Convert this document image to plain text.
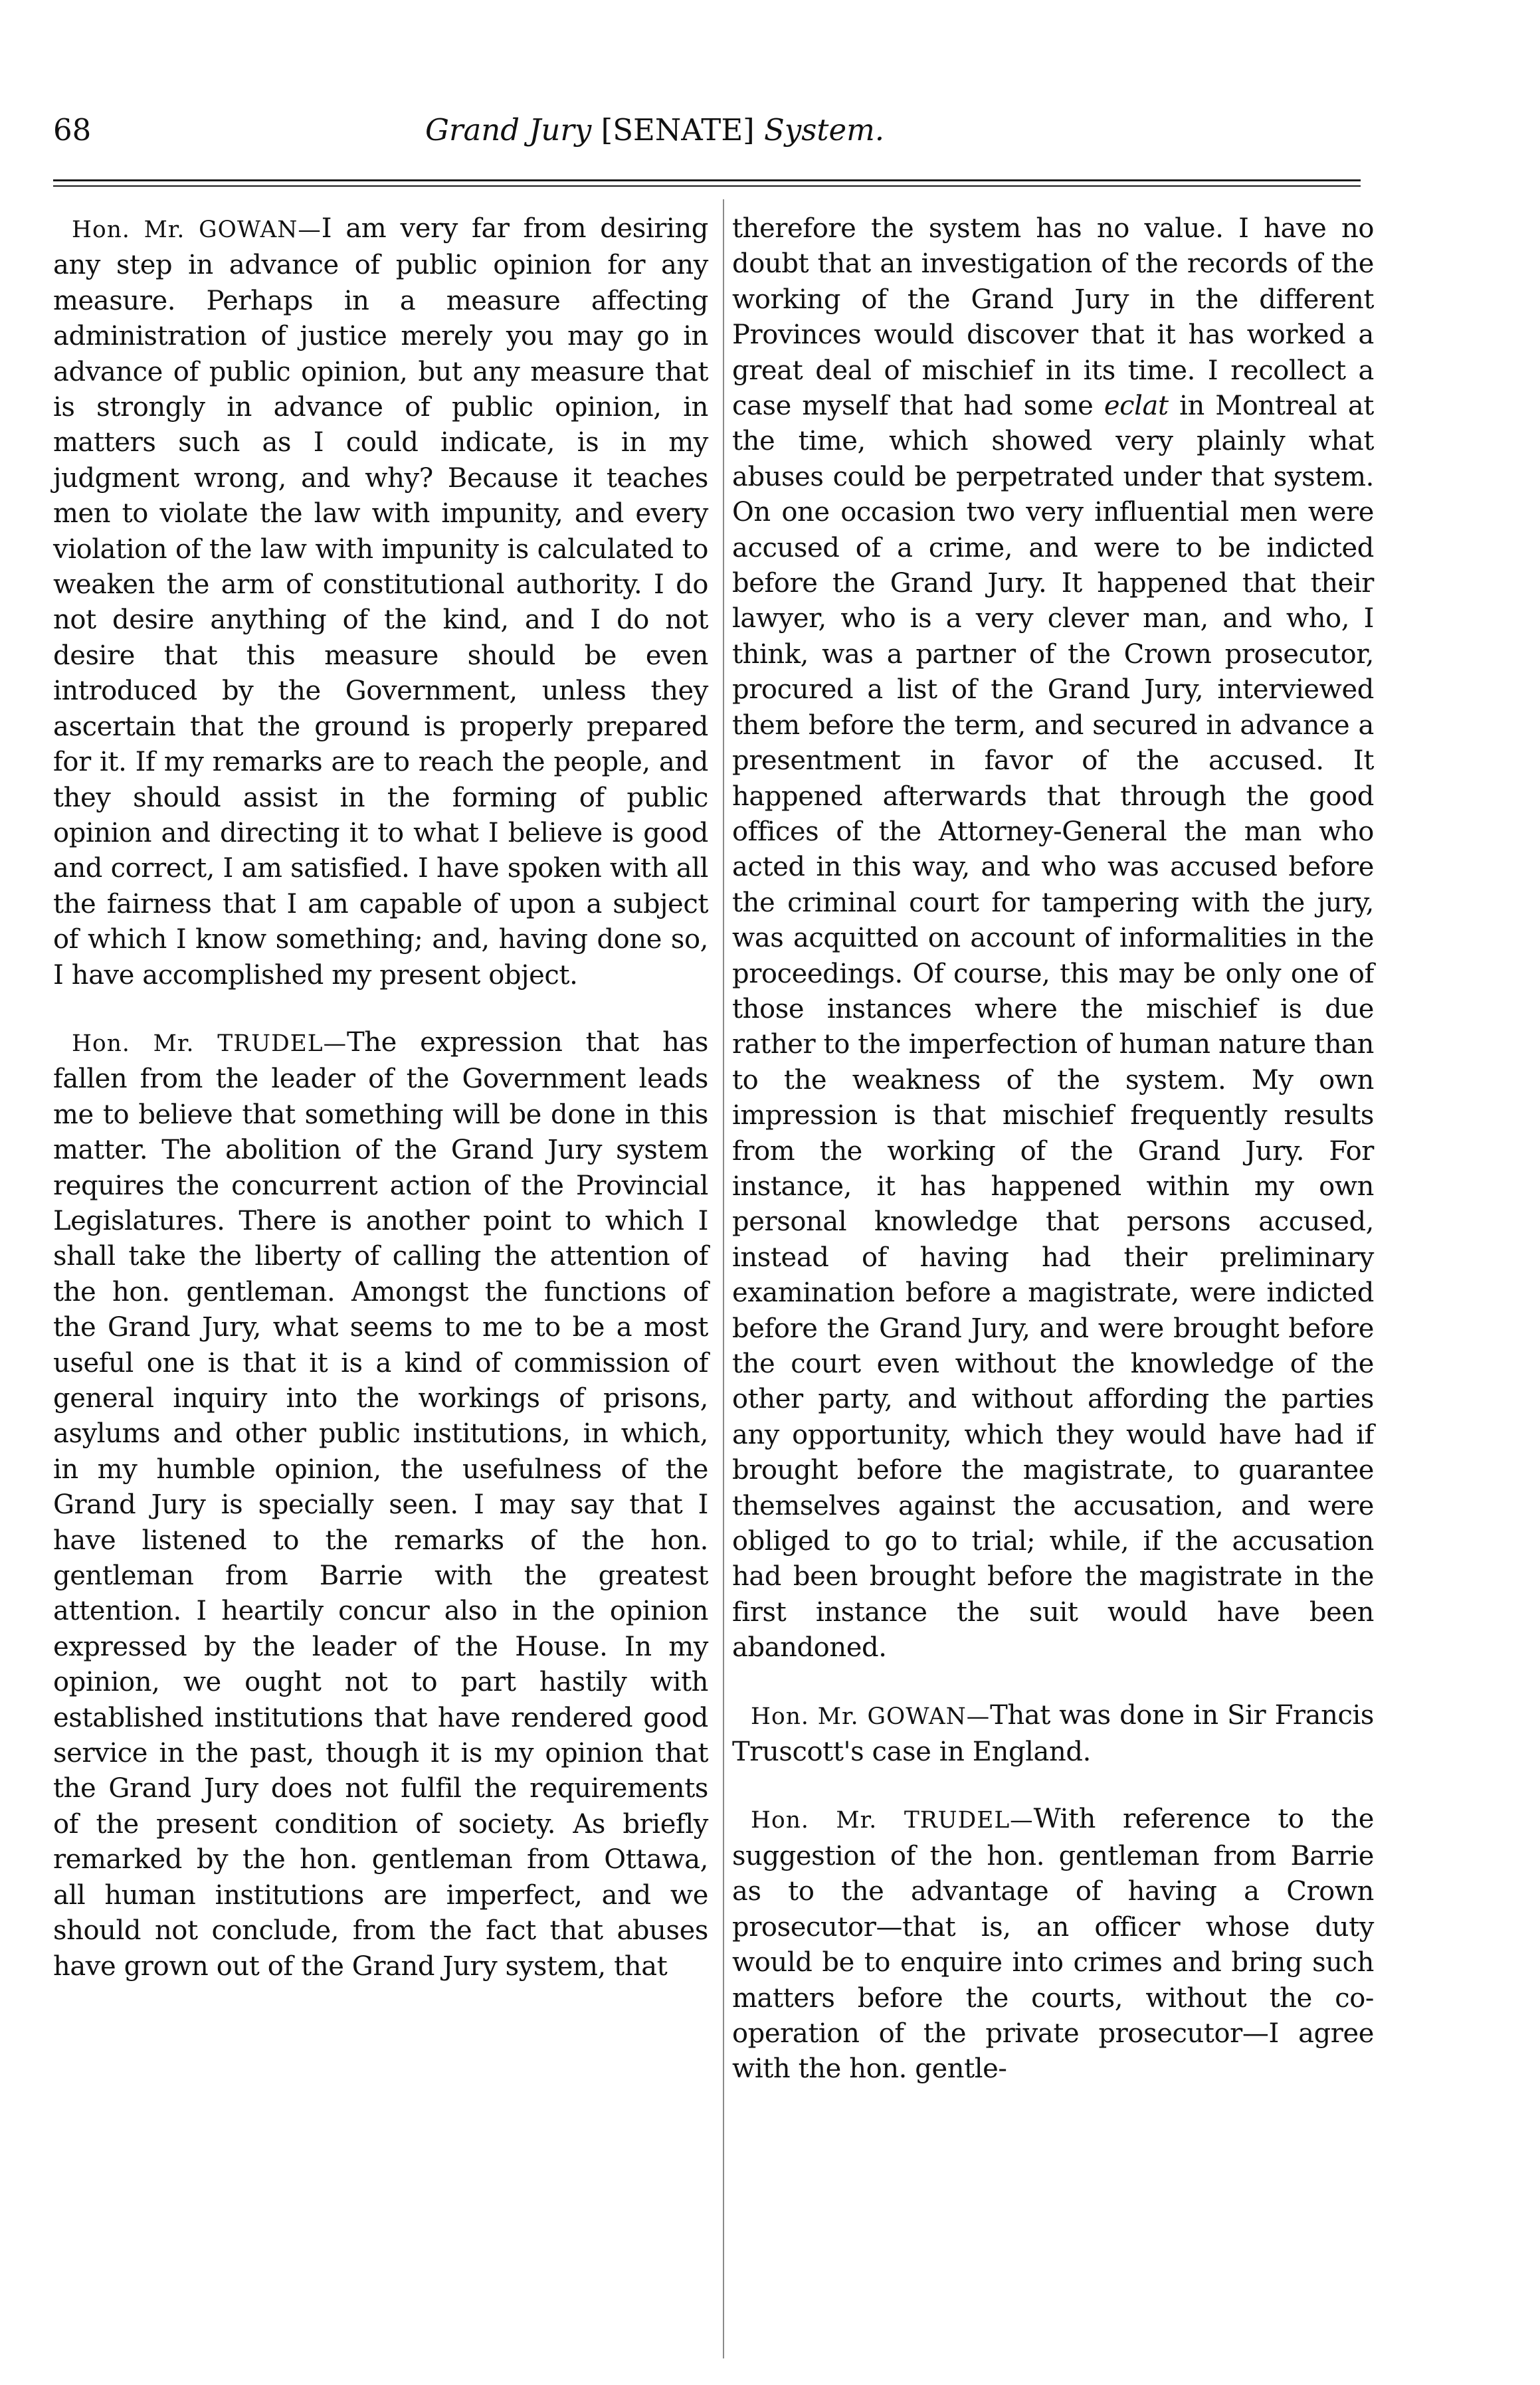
68	Grand Jury [SENATE] System.

Hon. Mr. GOWAN—I am very far from desiring any step in advance of public opinion for any measure. Perhaps in a measure affecting administration of justice merely you may go in advance of public opinion, but any measure that is strongly in advance of public opinion, in matters such as I could indicate, is in my judgment wrong, and why? Because it teaches men to violate the law with impunity, and every violation of the law with impunity is calculated to weaken the arm of constitutional authority. I do not desire anything of the kind, and I do not desire that this measure should be even introduced by the Government, unless they ascertain that the ground is properly prepared for it. If my remarks are to reach the people, and they should assist in the forming of public opinion and directing it to what I believe is good and correct, I am satisfied. I have spoken with all the fairness that I am capable of upon a subject of which I know something; and, having done so, I have accomplished my present object.

Hon. Mr. TRUDEL—The expression that has fallen from the leader of the Government leads me to believe that something will be done in this matter. The abolition of the Grand Jury system requires the concurrent action of the Provincial Legislatures. There is another point to which I shall take the liberty of calling the attention of the hon. gentleman. Amongst the functions of the Grand Jury, what seems to me to be a most useful one is that it is a kind of commission of general inquiry into the workings of prisons, asylums and other public institutions, in which, in my humble opinion, the usefulness of the Grand Jury is specially seen. I may say that I have listened to the remarks of the hon. gentleman from Barrie with the greatest attention. I heartily concur also in the opinion expressed by the leader of the House. In my opinion, we ought not to part hastily with established institutions that have rendered good service in the past, though it is my opinion that the Grand Jury does not fulfil the requirements of the present condition of society. As briefly remarked by the hon. gentleman from Ottawa, all human institutions are imperfect, and we should not conclude, from the fact that abuses have grown out of the Grand Jury system, that

therefore the system has no value. I have no doubt that an investigation of the records of the working of the Grand Jury in the different Provinces would discover that it has worked a great deal of mischief in its time. I recollect a case myself that had some eclat in Montreal at the time, which showed very plainly what abuses could be perpetrated under that system. On one occasion two very influential men were accused of a crime, and were to be indicted before the Grand Jury. It happened that their lawyer, who is a very clever man, and who, I think, was a partner of the Crown prosecutor, procured a list of the Grand Jury, interviewed them before the term, and secured in advance a presentment in favor of the accused. It happened afterwards that through the good offices of the Attorney-General the man who acted in this way, and who was accused before the criminal court for tampering with the jury, was acquitted on account of informalities in the proceedings. Of course, this may be only one of those instances where the mischief is due rather to the imperfection of human nature than to the weakness of the system. My own impression is that mischief frequently results from the working of the Grand Jury. For instance, it has happened within my own personal knowledge that persons accused, instead of having had their preliminary examination before a magistrate, were indicted before the Grand Jury, and were brought before the court even without the knowledge of the other party, and without affording the parties any opportunity, which they would have had if brought before the magistrate, to guarantee themselves against the accusation, and were obliged to go to trial; while, if the accusation had been brought before the magistrate in the first instance the suit would have been abandoned.

Hon. Mr. GOWAN—That was done in Sir Francis Truscott's case in England.

Hon. Mr. TRUDEL—With reference to the suggestion of the hon. gentleman from Barrie as to the advantage of having a Crown prosecutor—that is, an officer whose duty would be to enquire into crimes and bring such matters before the courts, without the co-operation of the private prosecutor—I agree with the hon. gentle-
